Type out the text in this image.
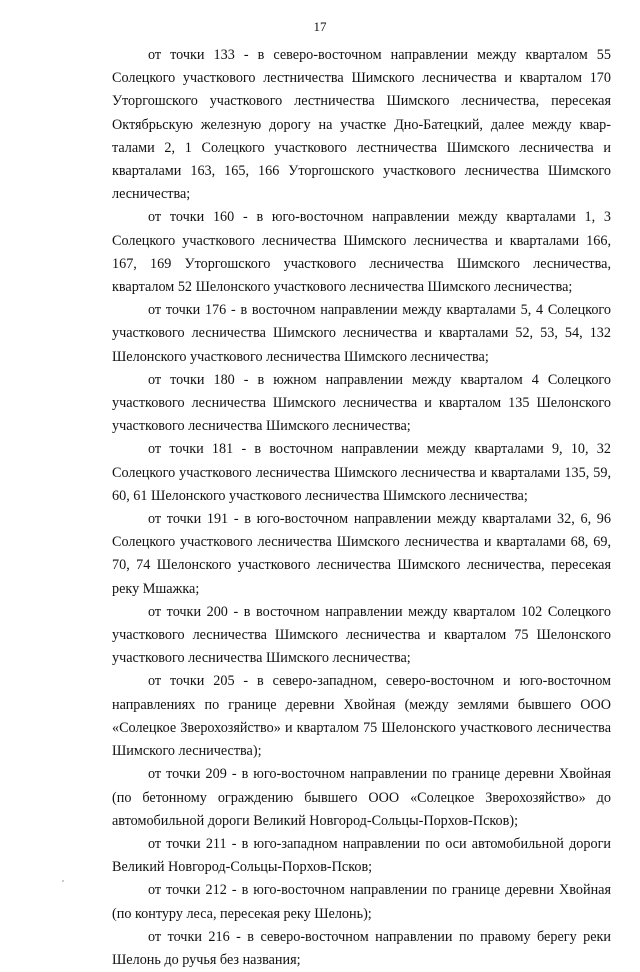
17

от точки 133 - в северо-восточном направлении между кварталом 55 Солецкого участкового лестничества Шимского лесничества и кварталом 170 Уторгошского участкового лестничества Шимского лесничества, пересекая Октябрьскую железную дорогу на участке Дно-Батецкий, далее между кварталами 2, 1 Солецкого участкового лестничества Шимского лесничества и кварталами 163, 165, 166 Уторгошского участкового лесничества Шимского лесничества;

от точки 160 - в юго-восточном направлении между кварталами 1, 3 Солецкого участкового лесничества Шимского лесничества и кварталами 166, 167, 169 Уторгошского участкового лесничества Шимского лесничества, кварталом 52 Шелонского участкового лесничества Шимского лесничества;

от точки 176 - в восточном направлении между кварталами 5, 4 Солецкого участкового лесничества Шимского лесничества и кварталами 52, 53, 54, 132 Шелонского участкового лесничества Шимского лесничества;

от точки 180 - в южном направлении между кварталом 4 Солецкого участкового лесничества Шимского лесничества и кварталом 135 Шелонского участкового лесничества Шимского лесничества;

от точки 181 - в восточном направлении между кварталами 9, 10, 32 Солецкого участкового лесничества Шимского лесничества и кварталами 135, 59, 60, 61 Шелонского участкового лесничества Шимского лесничества;

от точки 191 - в юго-восточном направлении между кварталами 32, 6, 96 Солецкого участкового лесничества Шимского лесничества и кварталами 68, 69, 70, 74 Шелонского участкового лесничества Шимского лесничества, пересекая реку Мшажка;

от точки 200 - в восточном направлении между кварталом 102 Солецкого участкового лесничества Шимского лесничества и кварталом 75 Шелонского участкового лесничества Шимского лесничества;

от точки 205 - в северо-западном, северо-восточном и юго-восточном направлениях по границе деревни Хвойная (между землями бывшего ООО «Солецкое Зверохозяйство» и кварталом 75 Шелонского участкового лесничества Шимского лесничества);

от точки 209 - в юго-восточном направлении по границе деревни Хвойная (по бетонному ограждению бывшего ООО «Солецкое Зверохозяйство» до автомобильной дороги Великий Новгород-Сольцы-Порхов-Псков);

от точки 211 - в юго-западном направлении по оси автомобильной дороги Великий Новгород-Сольцы-Порхов-Псков;

от точки 212 - в юго-восточном направлении по границе деревни Хвойная (по контуру леса, пересекая реку Шелонь);

от точки 216 - в северо-восточном направлении по правому берегу реки Шелонь до ручья без названия;
